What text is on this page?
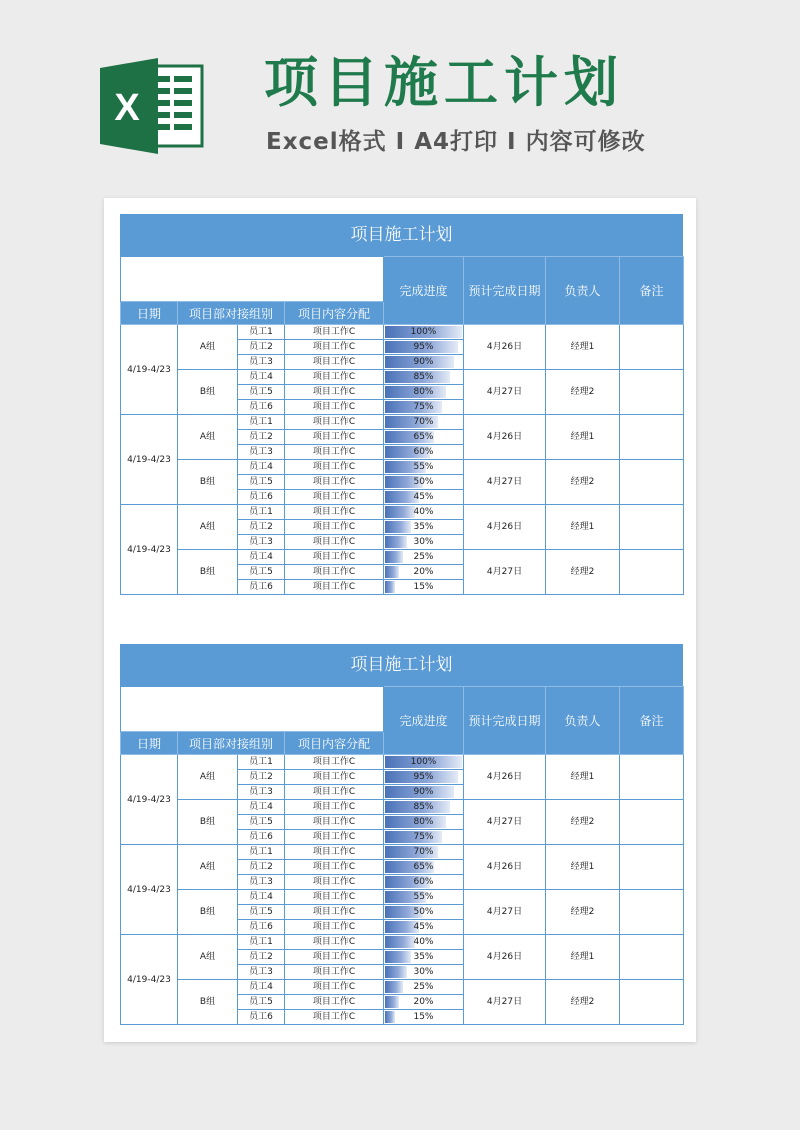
X 项目施工计划
Excel格式 Ⅰ A4打印 Ⅰ 内容可修改
项目施工计划
				完成进度	预计完成日期	负责人	备注
日期	项目部对接组别		项目内容分配				
4/19-4/23	A组	员工1	项目工作C	100%	4月26日	经理1	
		员工2	项目工作C	95%			
		员工3	项目工作C	90%			
	B组	员工4	项目工作C	85%	4月27日	经理2	
		员工5	项目工作C	80%			
		员工6	项目工作C	75%			
4/19-4/23	A组	员工1	项目工作C	70%	4月26日	经理1	
		员工2	项目工作C	65%			
		员工3	项目工作C	60%			
	B组	员工4	项目工作C	55%	4月27日	经理2	
		员工5	项目工作C	50%			
		员工6	项目工作C	45%			
4/19-4/23	A组	员工1	项目工作C	40%	4月26日	经理1	
		员工2	项目工作C	35%			
		员工3	项目工作C	30%			
	B组	员工4	项目工作C	25%	4月27日	经理2	
		员工5	项目工作C	20%			
		员工6	项目工作C	15%			
项目施工计划
				完成进度	预计完成日期	负责人	备注
日期	项目部对接组别		项目内容分配				
4/19-4/23	A组	员工1	项目工作C	100%	4月26日	经理1	
		员工2	项目工作C	95%			
		员工3	项目工作C	90%			
	B组	员工4	项目工作C	85%	4月27日	经理2	
		员工5	项目工作C	80%			
		员工6	项目工作C	75%			
4/19-4/23	A组	员工1	项目工作C	70%	4月26日	经理1	
		员工2	项目工作C	65%			
		员工3	项目工作C	60%			
	B组	员工4	项目工作C	55%	4月27日	经理2	
		员工5	项目工作C	50%			
		员工6	项目工作C	45%			
4/19-4/23	A组	员工1	项目工作C	40%	4月26日	经理1	
		员工2	项目工作C	35%			
		员工3	项目工作C	30%			
	B组	员工4	项目工作C	25%	4月27日	经理2	
		员工5	项目工作C	20%			
		员工6	项目工作C	15%			
